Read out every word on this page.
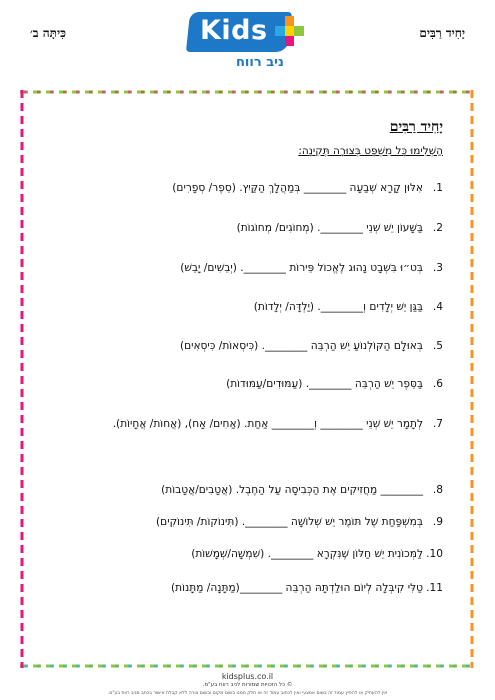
כִּיתָּה ב׳	יָחִיד רַבִּים
Kids
ניב רווח
יָחִיד רַבִּים
הַשְׁלִימוּ כָּל מִשְׁפָּט בְּצוּרָה תְּקִינָה:
1.אִלּוּן קָרָא שְׁבַעָה ________ בְּמַהֲלָךְ הַקַּיִץ. (סֵפֶר/ סְפָרִים)
2.בַּשָּׁעוֹן יֵשׁ שְׁנֵי ________. (מְחוֹגִים/ מְחוֹגוֹת)
3.בְּט״וּ בִּשְׁבָט נָהוּג לֶאֱכוֹל פֵּירוֹת ________. (יְבֵשִׁים/ יָבֵשׁ)
4.בַּגַּן יֵשׁ יְלָדִים וְ________. (יַלְדָּה/ יְלָדוֹת)
5.בְּאוּלָם הַקּוֹלְנוֹעַ יֵשׁ הַרְבֵּה ________. (כִּיסְאוֹת/ כִּיסְאִים)
6.בַּסֵּפֶר יֵשׁ הַרְבֵּה ________. (עַמּוּדִים/עַמּוּדוֹת)
7.לְתָמָר יֵשׁ שְׁנֵי ________ וְ________ אַחַת. (אַחִים/ אָח), (אֲחוֹת/ אֲחָיוֹת).
8.________ מַחֲזִיקִים אֶת הַכְּבִיסָה עַל הַחֶבֶל. (אֲטָבִים/אֲטָבוֹת)
9.בְּמִשְׁפַּחַת שֶׁל תּוֹמֶר יֵשׁ שְׁלוֹשָׁה ________. (תִּינוֹקוֹת/ תִּינוֹקִים)
10.לַמְּכוֹנִית יֵשׁ חַלּוֹן שֶׁנִּקְרָא ________. (שִׁמְשָׁה/שְׁמָשׁוֹת)
11.טַלִּי קִיבְּלָה לְיוֹם הוּלַדְתָּהּ הַרְבֵּה ________(מַתָּנָה/ מַתָּנוֹת)
kidsplus.co.il
© כל הזכויות שמורות לניב רווח בע"מ.
אין להעתיק או להפיץ עמוד זה בשום אמצעי ואין לכתוב עמוד זה או חלק ממנו בשום מקום ובשום צורה ללא קבלת אישור בכתב מניב רווח בע"מ.
